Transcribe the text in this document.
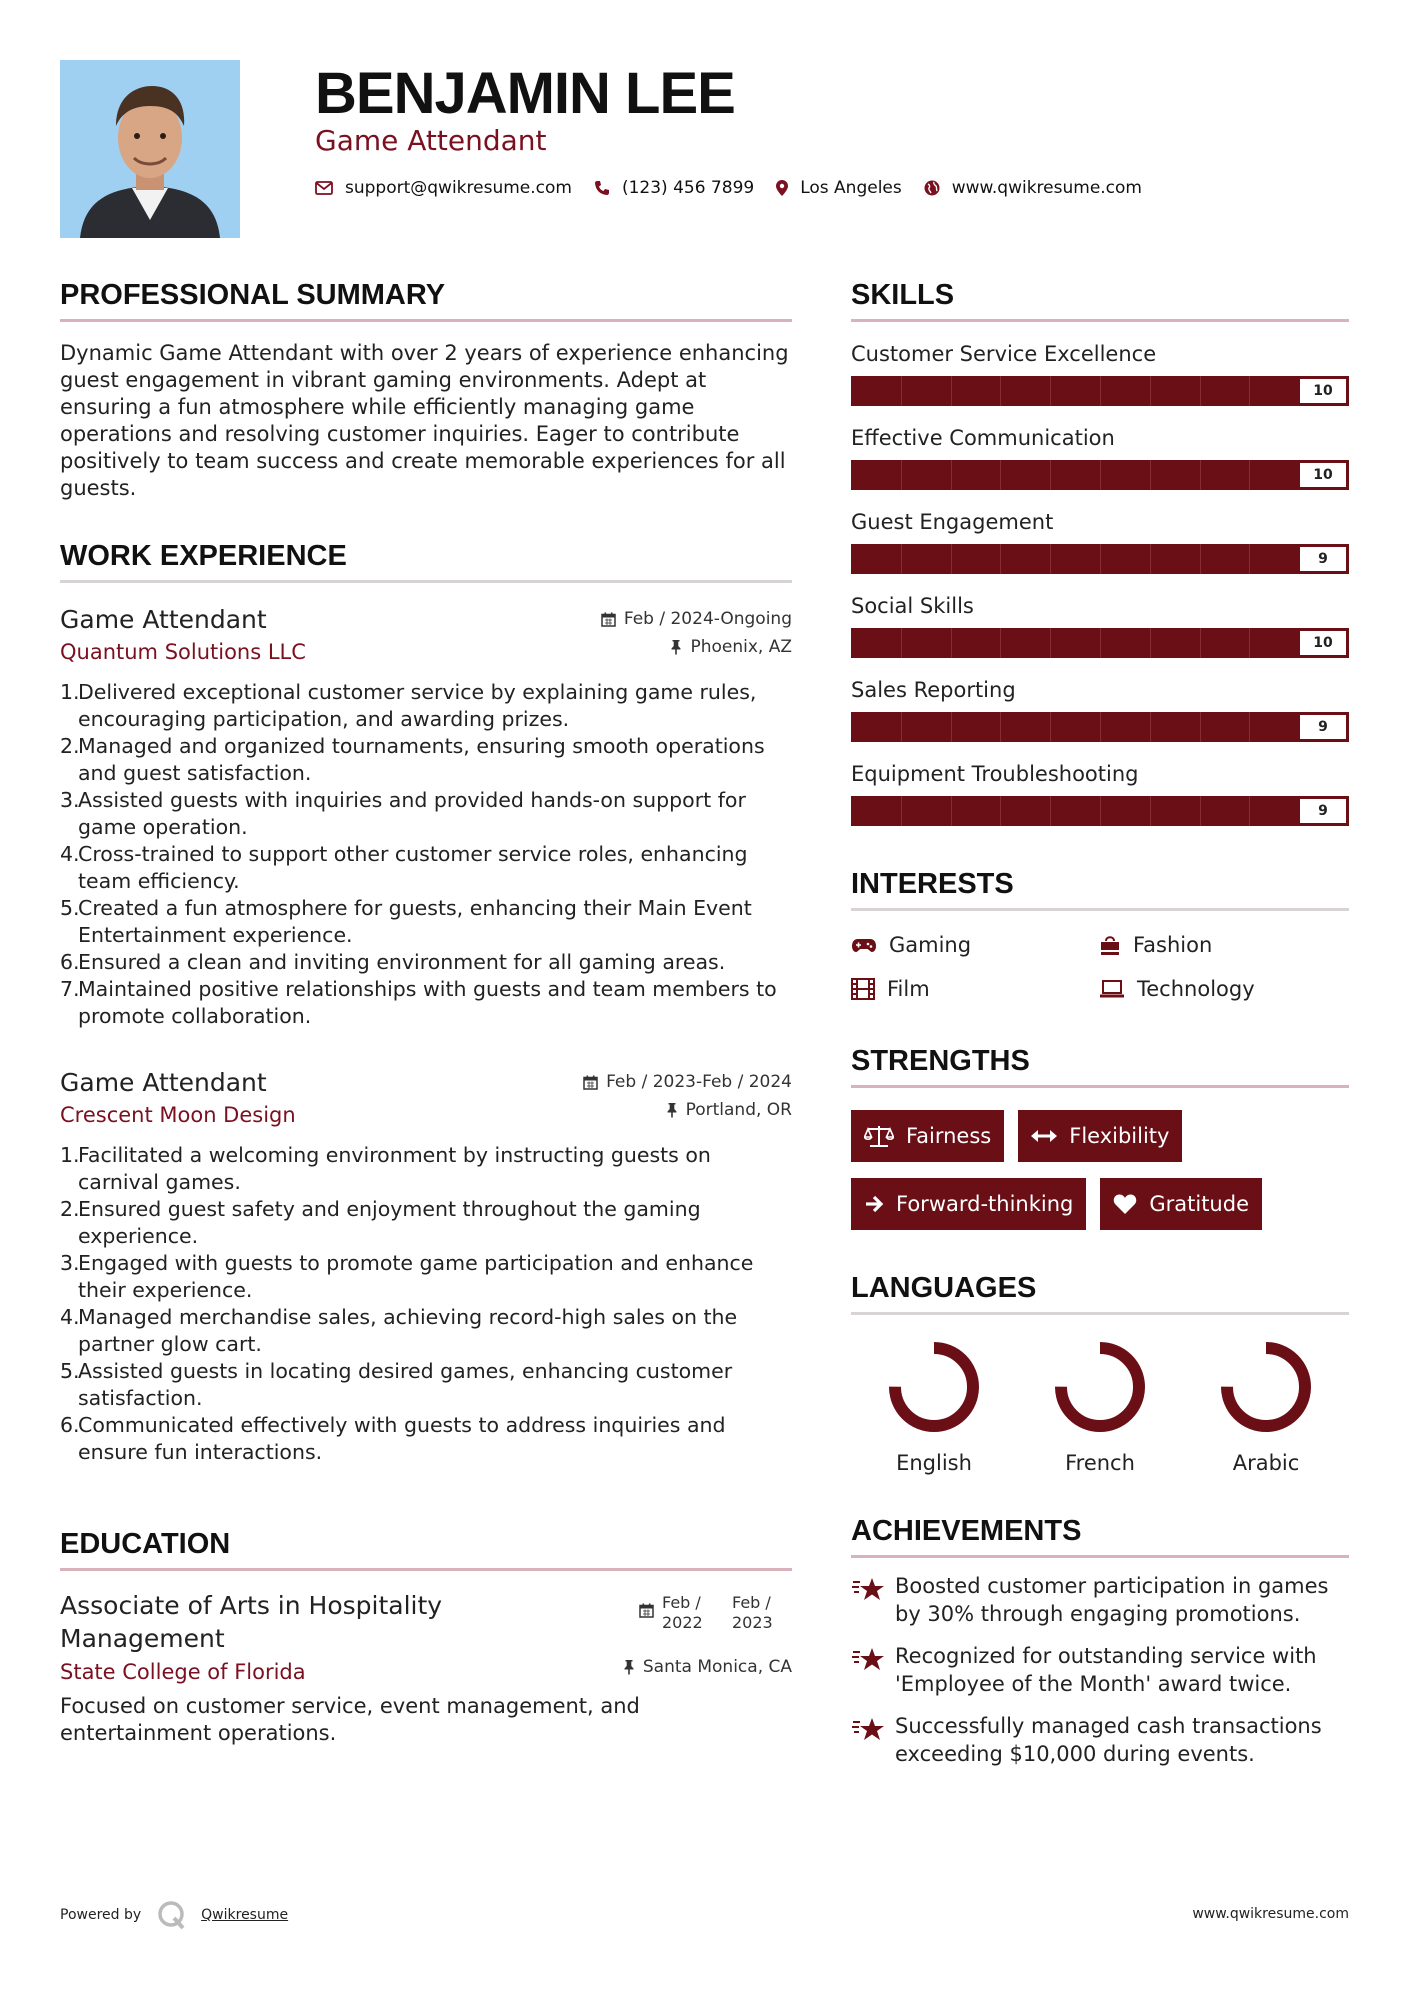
BENJAMIN LEE
Game Attendant
support@qwikresume.com	(123) 456 7899	Los Angeles	www.qwikresume.com
PROFESSIONAL SUMMARY

Dynamic Game Attendant with over 2 years of experience enhancing guest engagement in vibrant gaming environments. Adept at ensuring a fun atmosphere while efficiently managing game operations and resolving customer inquiries. Eager to contribute positively to team success and create memorable experiences for all guests.

WORK EXPERIENCE
Game Attendant	Feb / 2024-Ongoing
Quantum Solutions LLC	Phoenix, AZ
1.
Delivered exceptional customer service by explaining game rules, encouraging participation, and awarding prizes.
2.
Managed and organized tournaments, ensuring smooth operations and guest satisfaction.
3.
Assisted guests with inquiries and provided hands-on support for game operation.
4.
Cross-trained to support other customer service roles, enhancing team efficiency.
5.
Created a fun atmosphere for guests, enhancing their Main Event Entertainment experience.
6.
Ensured a clean and inviting environment for all gaming areas.
7.
Maintained positive relationships with guests and team members to promote collaboration.
Game Attendant	Feb / 2023-Feb / 2024
Crescent Moon Design	Portland, OR
1.
Facilitated a welcoming environment by instructing guests on carnival games.
2.
Ensured guest safety and enjoyment throughout the gaming experience.
3.
Engaged with guests to promote game participation and enhance their experience.
4.
Managed merchandise sales, achieving record-high sales on the partner glow cart.
5.
Assisted guests in locating desired games, enhancing customer satisfaction.
6.
Communicated effectively with guests to address inquiries and ensure fun interactions.
EDUCATION
Associate of Arts in Hospitality Management
Feb /
2022
Feb /
2023
State College of Florida	Santa Monica, CA

Focused on customer service, event management, and entertainment operations.

SKILLS
Customer Service Excellence
10
Effective Communication
10
Guest Engagement
9
Social Skills
10
Sales Reporting
9
Equipment Troubleshooting
9
INTERESTS
Gaming	Fashion
Film	Technology
STRENGTHS
Fairness	Flexibility
Forward-thinking	Gratitude
LANGUAGES
English	French	Arabic
ACHIEVEMENTS
Boosted customer participation in games by 30% through engaging promotions.
Recognized for outstanding service with 'Employee of the Month' award twice.
Successfully managed cash transactions exceeding $10,000 during events.
Powered by	Qwikresume	www.qwikresume.com
